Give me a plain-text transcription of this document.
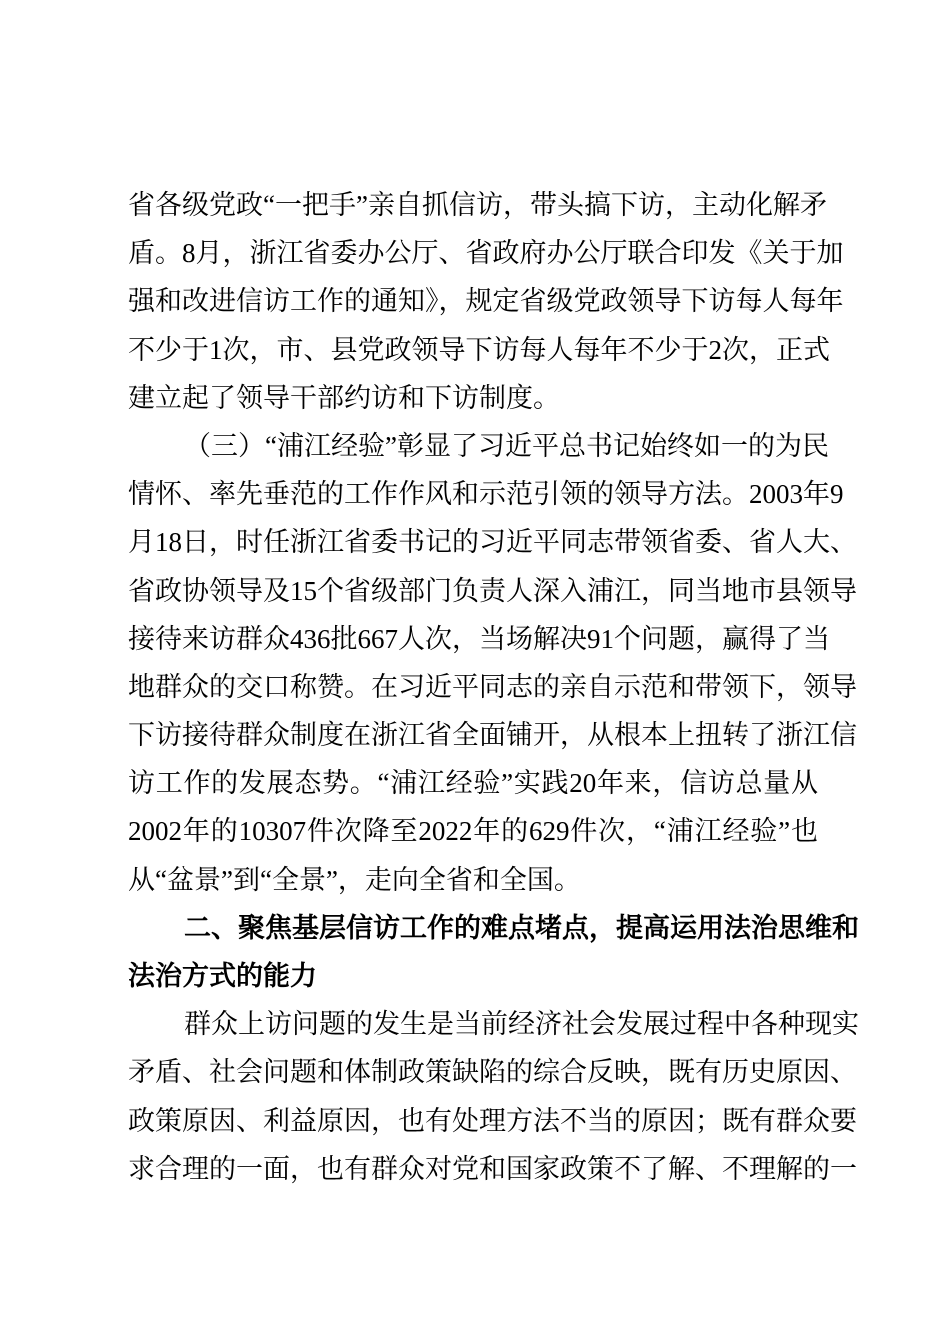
省各级党政“一把手”亲自抓信访，带头搞下访，主动化解矛
盾。8月，浙江省委办公厅、省政府办公厅联合印发《关于加
强和改进信访工作的通知》，规定省级党政领导下访每人每年
不少于1次，市、县党政领导下访每人每年不少于2次，正式
建立起了领导干部约访和下访制度。
（三）“浦江经验”彰显了习近平总书记始终如一的为民
情怀、率先垂范的工作作风和示范引领的领导方法。2003年9
月18日，时任浙江省委书记的习近平同志带领省委、省人大、
省政协领导及15个省级部门负责人深入浦江，同当地市县领导
接待来访群众436批667人次，当场解决91个问题，赢得了当
地群众的交口称赞。在习近平同志的亲自示范和带领下，领导
下访接待群众制度在浙江省全面铺开，从根本上扭转了浙江信
访工作的发展态势。“浦江经验”实践20年来，信访总量从
2002年的10307件次降至2022年的629件次，“浦江经验”也
从“盆景”到“全景”，走向全省和全国。
二、聚焦基层信访工作的难点堵点，提高运用法治思维和
法治方式的能力
群众上访问题的发生是当前经济社会发展过程中各种现实
矛盾、社会问题和体制政策缺陷的综合反映，既有历史原因、
政策原因、利益原因，也有处理方法不当的原因；既有群众要
求合理的一面，也有群众对党和国家政策不了解、不理解的一
